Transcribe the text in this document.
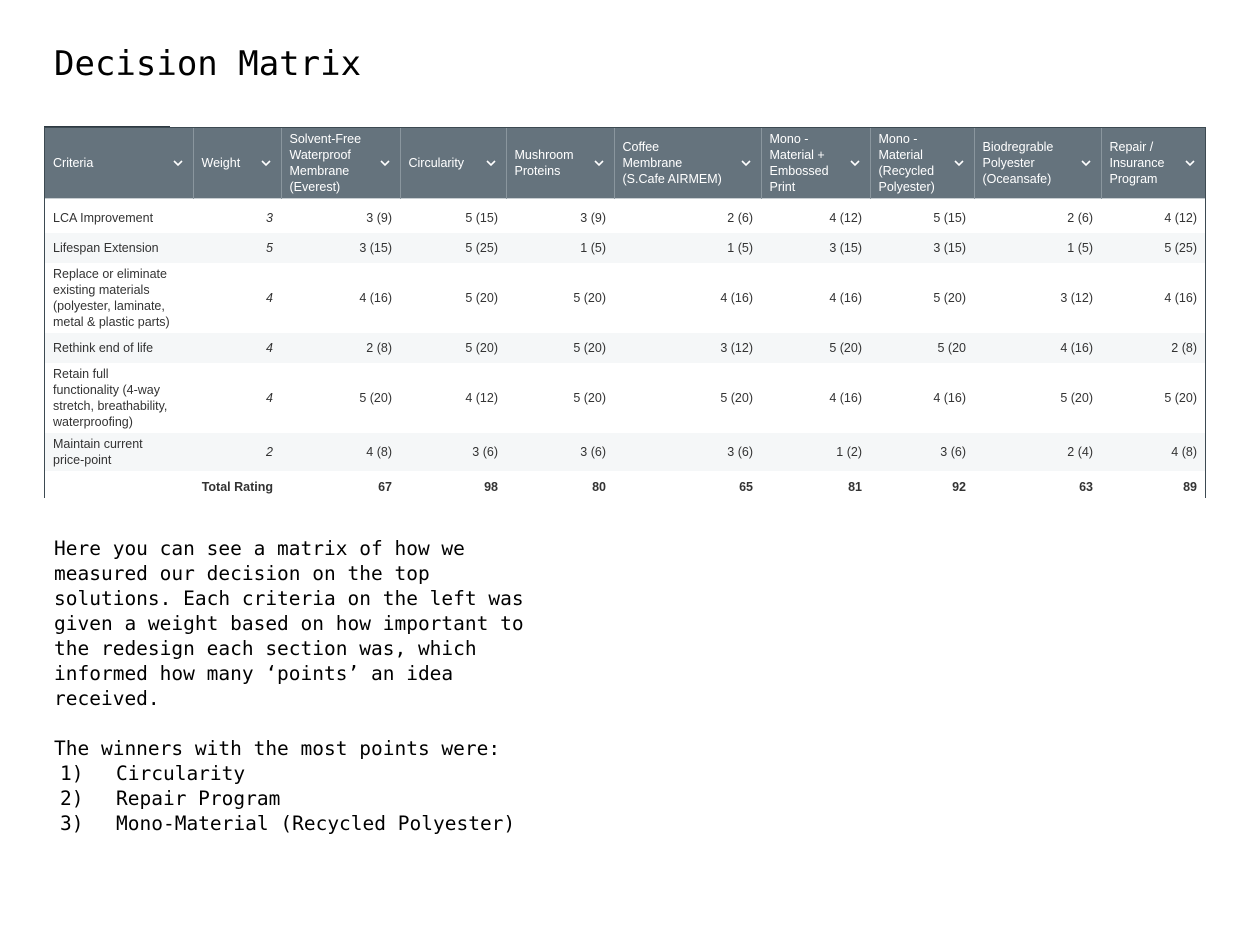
Decision Matrix
Criteria	Weight	Solvent-Free
Waterproof
Membrane
(Everest)	Circularity	Mushroom
Proteins	Coffee
Membrane
(S.Cafe AIRMEM)	Mono -
Material +
Embossed
Print	Mono -
Material
(Recycled
Polyester)	Biodregrable
Polyester
(Oceansafe)	Repair /
Insurance
Program

LCA Improvement	3	3 (9)	5 (15)	3 (9)	2 (6)	4 (12)	5 (15)	2 (6)	4 (12)
Lifespan Extension	5	3 (15)	5 (25)	1 (5)	1 (5)	3 (15)	3 (15)	1 (5)	5 (25)
Replace or eliminate
existing materials
(polyester, laminate,
metal & plastic parts)	4	4 (16)	5 (20)	5 (20)	4 (16)	4 (16)	5 (20)	3 (12)	4 (16)
Rethink end of life	4	2 (8)	5 (20)	5 (20)	3 (12)	5 (20)	5 (20	4 (16)	2 (8)
Retain full
functionality (4-way
stretch, breathability,
waterproofing)	4	5 (20)	4 (12)	5 (20)	5 (20)	4 (16)	4 (16)	5 (20)	5 (20)
Maintain current
price-point	2	4 (8)	3 (6)	3 (6)	3 (6)	1 (2)	3 (6)	2 (4)	4 (8)
	Total Rating	67	98	80	65	81	92	63	89

Here you can see a matrix of how we

measured our decision on the top

solutions. Each criteria on the left was

given a weight based on how important to

the redesign each section was, which

informed how many ‘points’ an idea

received.

The winners with the most points were:

1)	Circularity
2)	Repair Program
3)	Mono-Material (Recycled Polyester)
